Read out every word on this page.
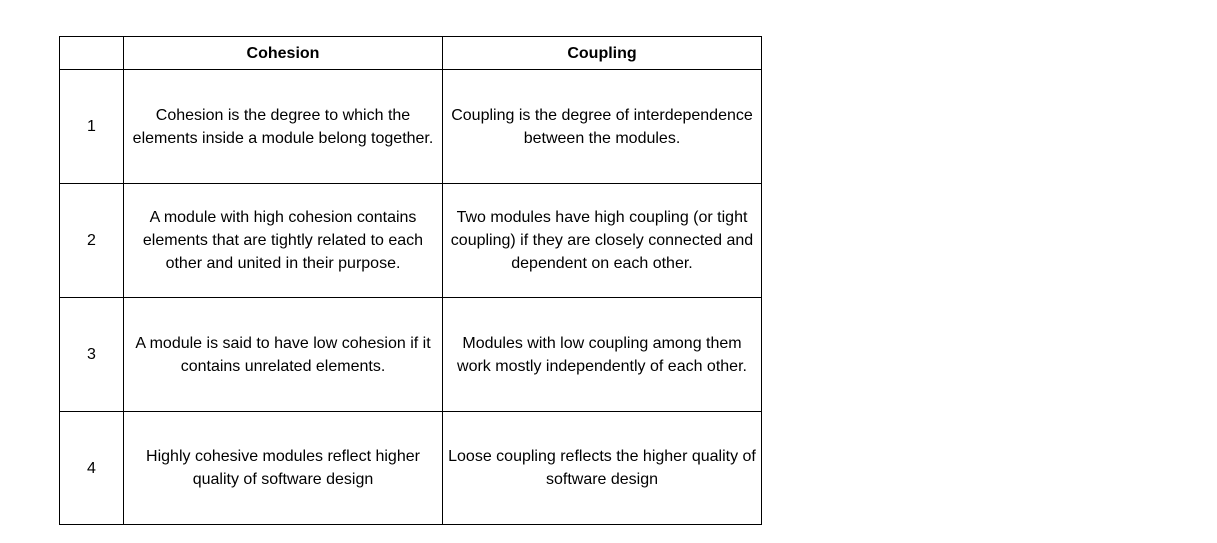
	Cohesion	Coupling
1	Cohesion is the degree to which the elements inside a module belong together.	Coupling is the degree of interdependence between the modules.
2	A module with high cohesion contains elements that are tightly related to each other and united in their purpose.	Two modules have high coupling (or tight coupling) if they are closely connected and dependent on each other.
3	A module is said to have low cohesion if it contains unrelated elements.	Modules with low coupling among them work mostly independently of each other.
4	Highly cohesive modules reflect higher quality of software design	Loose coupling reflects the higher quality of software design
